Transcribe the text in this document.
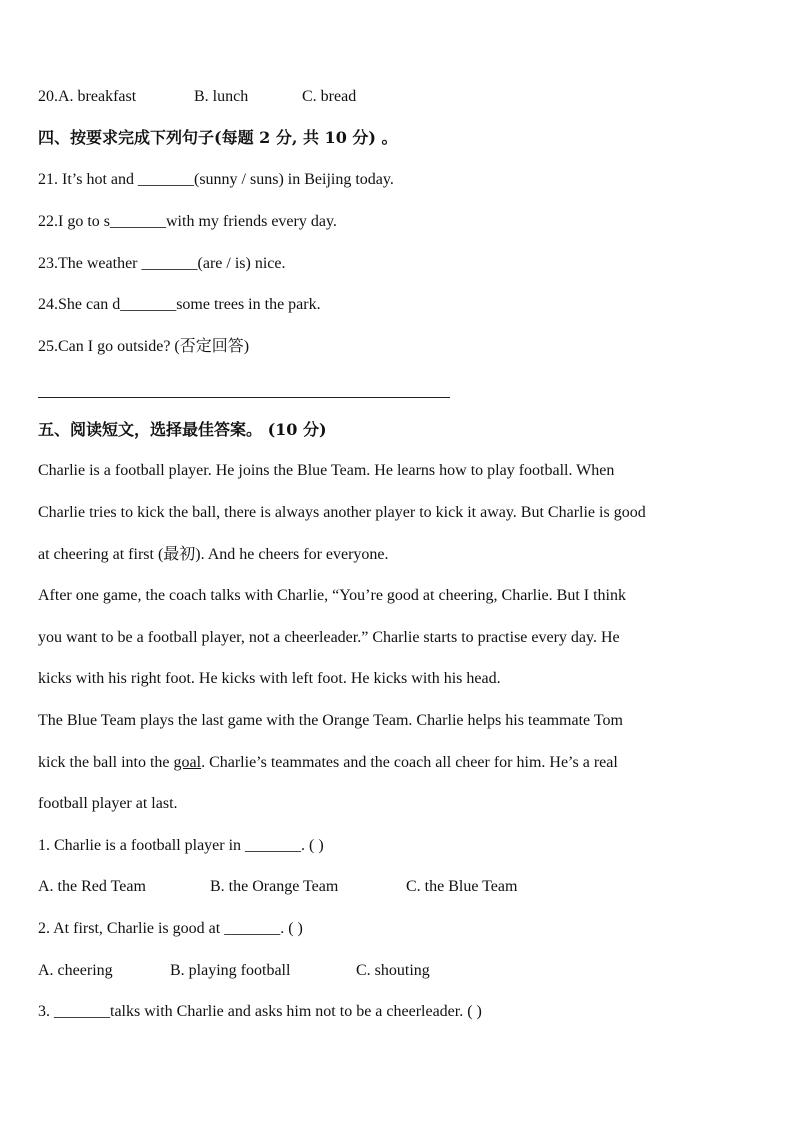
20.A. breakfast	B. lunch	C. bread
四、按要求完成下列句子(每题 2 分, 共 10 分) 。
21. It’s hot and _______(sunny / suns) in Beijing today.
22.I go to s_______with my friends every day.
23.The weather _______(are / is) nice.
24.She can d_______some trees in the park.
25.Can I go outside? (否定回答)
五、阅读短文，选择最佳答案。 (10 分)
Charlie is a football player. He joins the Blue Team. He learns how to play football. When
Charlie tries to kick the ball, there is always another player to kick it away. But Charlie is good
at cheering at first (最初). And he cheers for everyone.
After one game, the coach talks with Charlie, “You’re good at cheering, Charlie. But I think
you want to be a football player, not a cheerleader.” Charlie starts to practise every day. He
kicks with his right foot. He kicks with left foot. He kicks with his head.
The Blue Team plays the last game with the Orange Team. Charlie helps his teammate Tom
kick the ball into the goal. Charlie’s teammates and the coach all cheer for him. He’s a real
football player at last.
1. Charlie is a football player in _______. ( )
A. the Red Team	B. the Orange Team	C. the Blue Team
2. At first, Charlie is good at _______. ( )
A. cheering	B. playing football	C. shouting
3. _______talks with Charlie and asks him not to be a cheerleader. ( )
